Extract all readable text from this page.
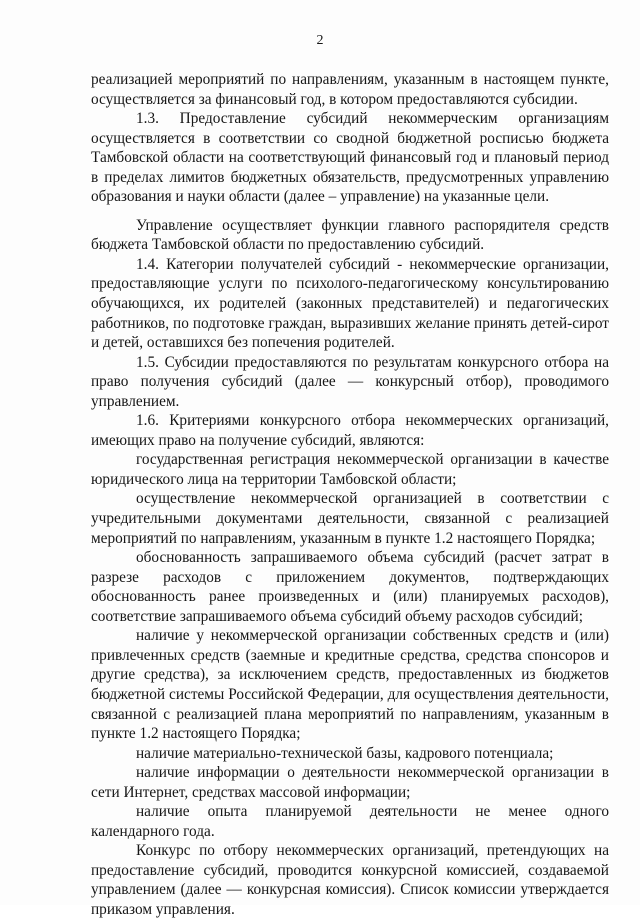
2

реализацией мероприятий по направлениям, указанным в настоящем пункте, осуществляется за финансовый год, в котором предоставляются субсидии.

1.3. Предоставление субсидий некоммерческим организациям осуществляется в соответствии со сводной бюджетной росписью бюджета Тамбовской области на соответствующий финансовый год и плановый период в пределах лимитов бюджетных обязательств, предусмотренных управлению образования и науки области (далее – управление) на указанные цели.

Управление осуществляет функции главного распорядителя средств бюджета Тамбовской области по предоставлению субсидий.

1.4. Категории получателей субсидий - некоммерческие организации, предоставляющие услуги по психолого-педагогическому консультированию обучающихся, их родителей (законных представителей) и педагогических работников, по подготовке граждан, выразивших желание принять детей-сирот и детей, оставшихся без попечения родителей.

1.5. Субсидии предоставляются по результатам конкурсного отбора на право получения субсидий (далее — конкурсный отбор), проводимого управлением.

1.6. Критериями конкурсного отбора некоммерческих организаций, имеющих право на получение субсидий, являются:

государственная регистрация некоммерческой организации в качестве юридического лица на территории Тамбовской области;

осуществление некоммерческой организацией в соответствии с учредительными документами деятельности, связанной с реализацией мероприятий по направлениям, указанным в пункте 1.2 настоящего Порядка;

обоснованность запрашиваемого объема субсидий (расчет затрат в разрезе расходов с приложением документов, подтверждающих обоснованность ранее произведенных и (или) планируемых расходов), соответствие запрашиваемого объема субсидий объему расходов субсидий;

наличие у некоммерческой организации собственных средств и (или) привлеченных средств (заемные и кредитные средства, средства спонсоров и другие средства), за исключением средств, предоставленных из бюджетов бюджетной системы Российской Федерации, для осуществления деятельности, связанной с реализацией плана мероприятий по направлениям, указанным в пункте 1.2 настоящего Порядка;

наличие материально-технической базы, кадрового потенциала;

наличие информации о деятельности некоммерческой организации в сети Интернет, средствах массовой информации;

наличие опыта планируемой деятельности не менее одного календарного года.

Конкурс по отбору некоммерческих организаций, претендующих на предоставление субсидий, проводится конкурсной комиссией, создаваемой управлением (далее — конкурсная комиссия). Список комиссии утверждается приказом управления.
